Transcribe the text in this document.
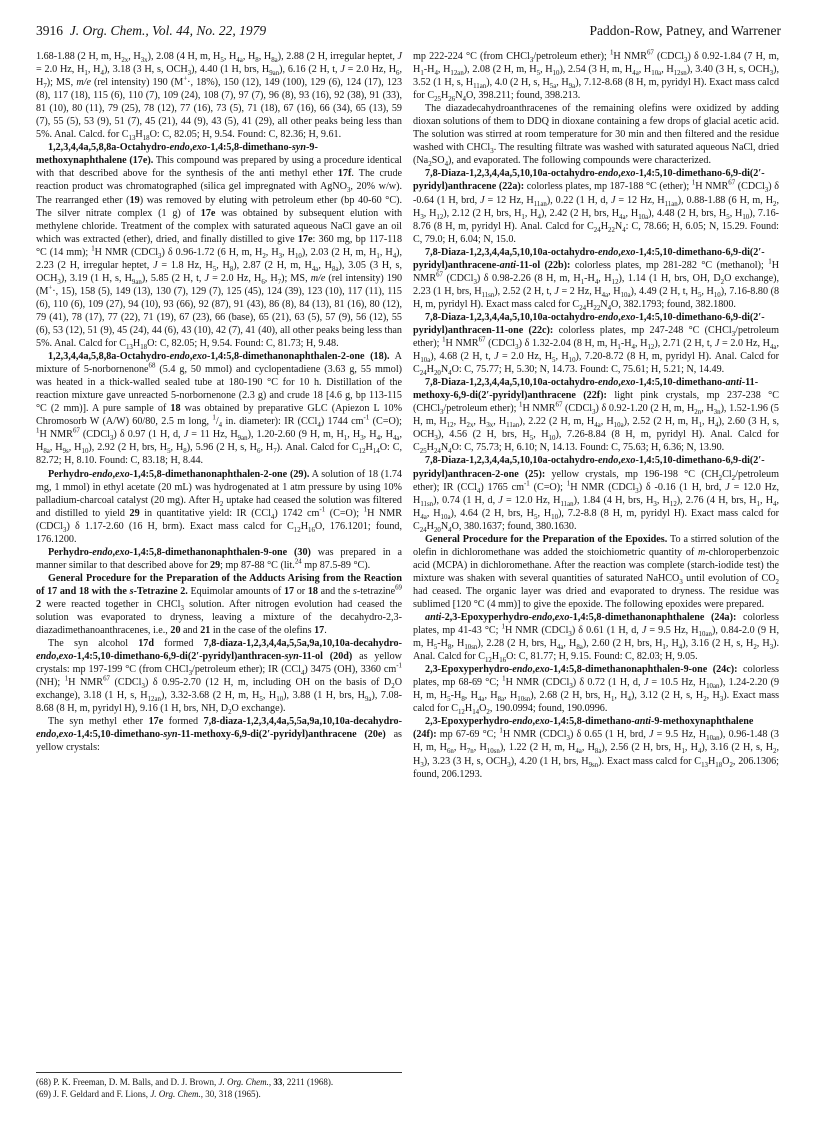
3916 J. Org. Chem., Vol. 44, No. 22, 1979	Paddon-Row, Patney, and Warrener

1.68-1.88 (2 H, m, $H_{2x}$, $H_{3x}$), 2.08 (4 H, m, $H_5$, $H_{4a}$, $H_8$, $H_{8a}$), 2.88 (2 H, irregular heptet, J = 2.0 Hz, $H_1$, $H_4$), 3.18 (3 H, s, $OCH_3$), 4.40 (1 H, brs, $H_{9an}$), 6.16 (2 H, t, J = 2.0 Hz, $H_6$, $H_7$); MS, m/e (rel intensity) 190 (M+·, 18%), 150 (12), 149 (100), 129 (6), 124 (17), 123 (8), 117 (18), 115 (6), 110 (7), 109 (24), 108 (7), 97 (7), 96 (8), 93 (16), 92 (38), 91 (33), 81 (10), 80 (11), 79 (25), 78 (12), 77 (16), 73 (5), 71 (18), 67 (16), 66 (34), 65 (13), 59 (7), 55 (5), 53 (9), 51 (7), 45 (21), 44 (9), 43 (5), 41 (29), all other peaks being less than 5%. Anal. Calcd. for $C_{13}H_{18}O$: C, 82.05; H, 9.54. Found: C, 82.36; H, 9.61.

1,2,3,4,4a,5,8,8a-Octahydro-endo,exo-1,4:5,8-dimethano-syn-9-methoxynaphthalene (17e). This compound was prepared by using a procedure identical with that described above for the synthesis of the anti methyl ether 17f. The crude reaction product was chromatographed (silica gel impregnated with AgNO$_3$, 20% w/w). The rearranged ether (19) was removed by eluting with petroleum ether (bp 40-60 °C). The silver nitrate complex (1 g) of 17e was obtained by subsequent elution with methylene chloride. Treatment of the complex with saturated aqueous NaCl gave an oil which was extracted (ether), dried, and finally distilled to give 17e: 360 mg, bp 117-118 °C (14 mm); $^1$H NMR (CDCl$_3$) δ 0.96-1.72 (6 H, m, $H_2$, $H_3$, $H_{10}$), 2.03 (2 H, m, $H_1$, $H_4$), 2.23 (2 H, irregular heptet, J = 1.8 Hz, $H_5$, $H_8$), 2.87 (2 H, m, $H_{4a}$, $H_{8a}$), 3.05 (3 H, s, $OCH_3$), 3.19 (1 H, s, $H_{9an}$), 5.85 (2 H, t, J = 2.0 Hz, $H_6$, $H_7$); MS, m/e (rel intensity) 190 (M+·, 15), 158 (5), 149 (13), 130 (7), 129 (7), 125 (45), 124 (39), 123 (10), 117 (11), 115 (6), 110 (6), 109 (27), 94 (10), 93 (66), 92 (87), 91 (43), 86 (8), 84 (13), 81 (16), 80 (12), 79 (41), 78 (17), 77 (22), 71 (19), 67 (23), 66 (base), 65 (21), 63 (5), 57 (9), 56 (12), 55 (6), 53 (12), 51 (9), 45 (24), 44 (6), 43 (10), 42 (7), 41 (40), all other peaks being less than 5%. Anal. Calcd for $C_{13}H_{18}O$: C, 82.05; H, 9.54. Found: C, 81.73; H, 9.48.

1,2,3,4,4a,5,8,8a-Octahydro-endo,exo-1,4:5,8-dimethanonaphthalen-2-one (18). A mixture of 5-norbornenone$^{68}$ (5.4 g, 50 mmol) and cyclopentadiene (3.63 g, 55 mmol) was heated in a thick-walled sealed tube at 180-190 °C for 10 h. Distillation of the reaction mixture gave unreacted 5-norbornenone (2.3 g) and crude 18 [4.6 g, bp 113-115 °C (2 mm)]. A pure sample of 18 was obtained by preparative GLC (Apiezon L 10% Chromosorb W (A/W) 60/80, 2.5 m long, $^1/_4$ in. diameter): IR (CCl$_4$) 1744 $cm^{-1}$ (C=O); $^1$H NMR$^{67}$ (CDCl$_3$) δ 0.97 (1 H, d, J = 11 Hz, $H_{9an}$), 1.20-2.60 (9 H, m, $H_1$, $H_3$, $H_4$, $H_{4a}$, $H_{8a}$, $H_{9s}$, $H_{10}$), 2.92 (2 H, brs, $H_5$, $H_8$), 5.96 (2 H, s, $H_6$, $H_7$). Anal. Calcd for $C_{12}H_{14}O$: C, 82.72; H, 8.10. Found: C, 83.18; H, 8.44.

Perhydro-endo,exo-1,4:5,8-dimethanonaphthalen-2-one (29). A solution of 18 (1.74 mg, 1 mmol) in ethyl acetate (20 mL) was hydrogenated at 1 atm pressure by using 10% palladium-charcoal catalyst (20 mg). After $H_2$ uptake had ceased the solution was filtered and distilled to yield 29 in quantitative yield: IR (CCl$_4$) 1742 $cm^{-1}$ (C=O); $^1$H NMR (CDCl$_3$) δ 1.17-2.60 (16 H, brm). Exact mass calcd for $C_{12}H_{16}O$, 176.1201; found, 176.1200.

Perhydro-endo,exo-1,4:5,8-dimethanonaphthalen-9-one (30) was prepared in a manner similar to that described above for 29; mp 87-88 °C (lit.$^{24}$ mp 87.5-89 °C).

General Procedure for the Preparation of the Adducts Arising from the Reaction of 17 and 18 with the s-Tetrazine 2. Equimolar amounts of 17 or 18 and the s-tetrazine$^{69}$ 2 were reacted together in CHCl$_3$ solution. After nitrogen evolution had ceased the solution was evaporated to dryness, leaving a mixture of the decahydro-2,3-diazadimethanoanthracenes, i.e., 20 and 21 in the case of the olefins 17.

The syn alcohol 17d formed 7,8-diaza-1,2,3,4,4a,5,5a,9a,10,10a-decahydro-endo,exo-1,4:5,10-dimethano-6,9-di(2′-pyridyl)anthracen-syn-11-ol (20d) as yellow crystals: mp 197-199 °C (from CHCl$_3$/petroleum ether); IR (CCl$_4$) 3475 (OH), 3360 $cm^{-1}$ (NH); $^1$H NMR$^{67}$ (CDCl$_3$) δ 0.95-2.70 (12 H, m, including OH on the basis of $D_2O$ exchange), 3.18 (1 H, s, $H_{12an}$), 3.32-3.68 (2 H, m, $H_5$, $H_{10}$), 3.88 (1 H, brs, $H_{9a}$), 7.08-8.68 (8 H, m, pyridyl H), 9.16 (1 H, brs, NH, $D_2O$ exchange).

The syn methyl ether 17e formed 7,8-diaza-1,2,3,4,4a,5,5a,9a,10,10a-decahydro-endo,exo-1,4:5,10-dimethano-syn-11-methoxy-6,9-di(2′-pyridyl)anthracene (20e) as yellow crystals:

mp 222-224 °C (from CHCl$_3$/petroleum ether); $^1$H NMR$^{67}$ (CDCl$_3$) δ 0.92-1.84 (7 H, m, $H_1-H_4$, $H_{12an}$), 2.08 (2 H, m, $H_5$, $H_{10}$), 2.54 (3 H, m, $H_{4a}$, $H_{10a}$, $H_{12sn}$), 3.40 (3 H, s, $OCH_3$), 3.52 (1 H, s, $H_{11an}$), 4.0 (2 H, s, $H_{5a}$, $H_{9a}$), 7.12-8.68 (8 H, m, pyridyl H). Exact mass calcd for $C_{25}H_{26}N_4O$, 398.211; found, 398.213.

The diazadecahydroanthracenes of the remaining olefins were oxidized by adding dioxan solutions of them to DDQ in dioxane containing a few drops of glacial acetic acid. The solution was stirred at room temperature for 30 min and then filtered and the residue washed with CHCl$_3$. The resulting filtrate was washed with saturated aqueous NaCl, dried $(Na_2SO_4)$, and evaporated. The following compounds were characterized.

7,8-Diaza-1,2,3,4,4a,5,10,10a-octahydro-endo,exo-1,4:5,10-dimethano-6,9-di(2′-pyridyl)anthracene (22a): colorless plates, mp 187-188 °C (ether); $^1$H NMR$^{67}$ (CDCl$_3$) δ -0.64 (1 H, brd, J = 12 Hz, $H_{11an}$), 0.22 (1 H, d, J = 12 Hz, $H_{11an}$), 0.88-1.88 (6 H, m, $H_2$, $H_3$, $H_{12}$), 2.12 (2 H, brs, $H_1$, $H_4$), 2.42 (2 H, brs, $H_{4a}$, $H_{10a}$), 4.48 (2 H, brs, $H_5$, $H_{10}$), 7.16-8.76 (8 H, m, pyridyl H). Anal. Calcd for $C_{24}H_{22}N_4$: C, 78.66; H, 6.05; N, 15.29. Found: C, 79.0; H, 6.04; N, 15.0.

7,8-Diaza-1,2,3,4,4a,5,10,10a-octahydro-endo,exo-1,4:5,10-dimethano-6,9-di(2′-pyridyl)anthracene-anti-11-ol (22b): colorless plates, mp 281-282 °C (methanol); $^1$H NMR$^{67}$ (CDCl$_3$) δ 0.98-2.26 (8 H, m, $H_1-H_4$, $H_{12}$), 1.14 (1 H, brs, OH, $D_2O$ exchange), 2.23 (1 H, brs, $H_{11sn}$), 2.52 (2 H, t, J = 2 Hz, $H_{4a}$, $H_{10a}$), 4.49 (2 H, t, $H_5$, $H_{10}$), 7.16-8.80 (8 H, m, pyridyl H). Exact mass calcd for $C_{24}H_{22}N_4O$, 382.1793; found, 382.1800.

7,8-Diaza-1,2,3,4,4a,5,10,10a-octahydro-endo,exo-1,4:5,10-dimethano-6,9-di(2′-pyridyl)anthracen-11-one (22c): colorless plates, mp 247-248 °C (CHCl$_3$/petroleum ether); $^1$H NMR$^{67}$ (CDCl$_3$) δ 1.32-2.04 (8 H, m, $H_1-H_4$, $H_{12}$), 2.71 (2 H, t, J = 2.0 Hz, $H_{4a}$, $H_{10a}$), 4.68 (2 H, t, J = 2.0 Hz, $H_5$, $H_{10}$), 7.20-8.72 (8 H, m, pyridyl H). Anal. Calcd for $C_{24}H_{20}N_4O$: C, 75.77; H, 5.30; N, 14.73. Found: C, 75.61; H, 5.21; N, 14.49.

7,8-Diaza-1,2,3,4,4a,5,10,10a-octahydro-endo,exo-1,4:5,10-dimethano-anti-11-methoxy-6,9-di(2′-pyridyl)anthracene (22f): light pink crystals, mp 237-238 °C (CHCl$_3$/petroleum ether); $^1$H NMR$^{67}$ (CDCl$_3$) δ 0.92-1.20 (2 H, m, $H_{2n}$, $H_{3n}$), 1.52-1.96 (5 H, m, $H_{12}$, $H_{2x}$, $H_{3x}$, $H_{11an}$), 2.22 (2 H, m, $H_{4a}$, $H_{10a}$), 2.52 (2 H, m, $H_1$, $H_4$), 2.60 (3 H, s, $OCH_3$), 4.56 (2 H, brs, $H_5$, $H_{10}$), 7.26-8.84 (8 H, m, pyridyl H). Anal. Calcd for $C_{25}H_{24}N_4O$: C, 75.73; H, 6.10; N, 14.13. Found: C, 75.63; H, 6.36; N, 13.90.

7,8-Diaza-1,2,3,4,4a,5,10,10a-octahydro-endo,exo-1,4:5,10-dimethano-6,9-di(2′-pyridyl)anthracen-2-one (25): yellow crystals, mp 196-198 °C ($CH_2Cl_2$/petroleum ether); IR (CCl$_4$) 1765 $cm^{-1}$ (C=O); $^1$H NMR (CDCl$_3$) δ -0.16 (1 H, brd, J = 12.0 Hz, $H_{11sn}$), 0.74 (1 H, d, J = 12.0 Hz, $H_{11an}$), 1.84 (4 H, brs, $H_3$, $H_{12}$), 2.76 (4 H, brs, $H_1$, $H_4$, $H_{4a}$, $H_{10a}$), 4.64 (2 H, brs, $H_5$, $H_{10}$), 7.2-8.8 (8 H, m, pyridyl H). Exact mass calcd for $C_{24}H_{20}N_4O$, 380.1637; found, 380.1630.

General Procedure for the Preparation of the Epoxides. To a stirred solution of the olefin in dichloromethane was added the stoichiometric quantity of m-chloroperbenzoic acid (MCPA) in dichloromethane. After the reaction was complete (starch-iodide test) the mixture was shaken with several quantities of saturated NaHCO$_3$ until evolution of $CO_2$ had ceased. The organic layer was dried and evaporated to dryness. The residue was sublimed [120 °C (4 mm)] to give the epoxide. The following epoxides were prepared.

anti-2,3-Epoxyperhydro-endo,exo-1,4:5,8-dimethanonaphthalene (24a): colorless plates, mp 41-43 °C; $^1$H NMR (CDCl$_3$) δ 0.61 (1 H, d, J = 9.5 Hz, $H_{10an}$), 0.84-2.0 (9 H, m, $H_5-H_8$, $H_{10sn}$), 2.28 (2 H, brs, $H_{4a}$, $H_{8a}$), 2.60 (2 H, brs, $H_1$, $H_4$), 3.16 (2 H, s, $H_2$, $H_3$). Anal. Calcd for $C_{12}H_{16}O$: C, 81.77; H, 9.15. Found: C, 82.03; H, 9.05.

2,3-Epoxyperhydro-endo,exo-1,4:5,8-dimethanonaphthalen-9-one (24c): colorless plates, mp 68-69 °C; $^1$H NMR (CDCl$_3$) δ 0.72 (1 H, d, J = 10.5 Hz, $H_{10an}$), 1.24-2.20 (9 H, m, $H_5-H_8$, $H_{4a}$, $H_{8a}$, $H_{10sn}$), 2.68 (2 H, brs, $H_1$, $H_4$), 3.12 (2 H, s, $H_2$, $H_3$). Exact mass calcd for $C_{12}H_{14}O_2$, 190.0994; found, 190.0996.

2,3-Epoxyperhydro-endo,exo-1,4:5,8-dimethano-anti-9-methoxynaphthalene (24f): mp 67-69 °C; $^1$H NMR (CDCl$_3$) δ 0.65 (1 H, brd, J = 9.5 Hz, $H_{10an}$), 0.96-1.48 (3 H, m, $H_{6n}$, $H_{7n}$, $H_{10sn}$), 1.22 (2 H, m, $H_{4a}$, $H_{8a}$), 2.56 (2 H, brs, $H_1$, $H_4$), 3.16 (2 H, s, $H_2$, $H_3$), 3.23 (3 H, s, $OCH_3$), 4.20 (1 H, brs, $H_{9sn}$). Exact mass calcd for $C_{13}H_{18}O_2$, 206.1306; found, 206.1293.

(68) P. K. Freeman, D. M. Balls, and D. J. Brown, J. Org. Chem., 33, 2211 (1968).

(69) J. F. Geldard and F. Lions, J. Org. Chem., 30, 318 (1965).
